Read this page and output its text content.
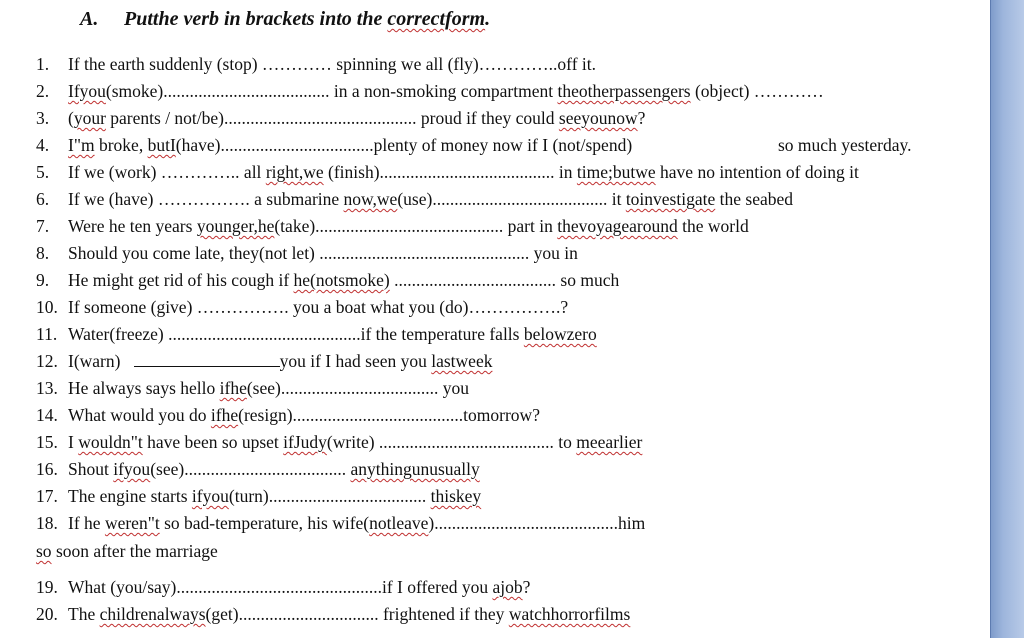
A. Putthe verb in brackets into the correctform.
1. If the earth suddenly (stop) ………… spinning we all (fly)…………..off it.
2. Ifyou(smoke)...................................... in a non-smoking compartment theotherpassengers (object) …………
3. (your parents / not/be)............................................ proud if they could seeyounow?
4. I"m broke, butI(have)...................................plenty of money now if I (not/spend)	so much yesterday.
5. If we (work) ………….. all right,we (finish)........................................ in time;butwe have no intention of doing it
6. If we (have) ……………. a submarine now,we(use)........................................ it toinvestigate the seabed
7. Were he ten years younger,he(take)........................................... part in thevoyagearound the world
8. Should you come late, they(not let) ................................................ you in
9. He might get rid of his cough if he(notsmoke) ..................................... so much
10. If someone (give) ……………. you a boat what you (do)…………….?
11. Water(freeze) ............................................if the temperature falls belowzero
12. I(warn)	you if I had seen you lastweek
13. He always says hello ifhe(see).................................... you
14. What would you do ifhe(resign).......................................tomorrow?
15. I wouldn"t have been so upset ifJudy(write) ........................................ to meearlier
16. Shout ifyou(see)..................................... anythingunusually
17. The engine starts ifyou(turn).................................... thiskey
18. If he weren"t so bad-temperature, his wife(notleave)..........................................him
so soon after the marriage
19. What (you/say)...............................................if I offered you ajob?
20. The childrenalways(get)................................ frightened if they watchhorrorfilms
